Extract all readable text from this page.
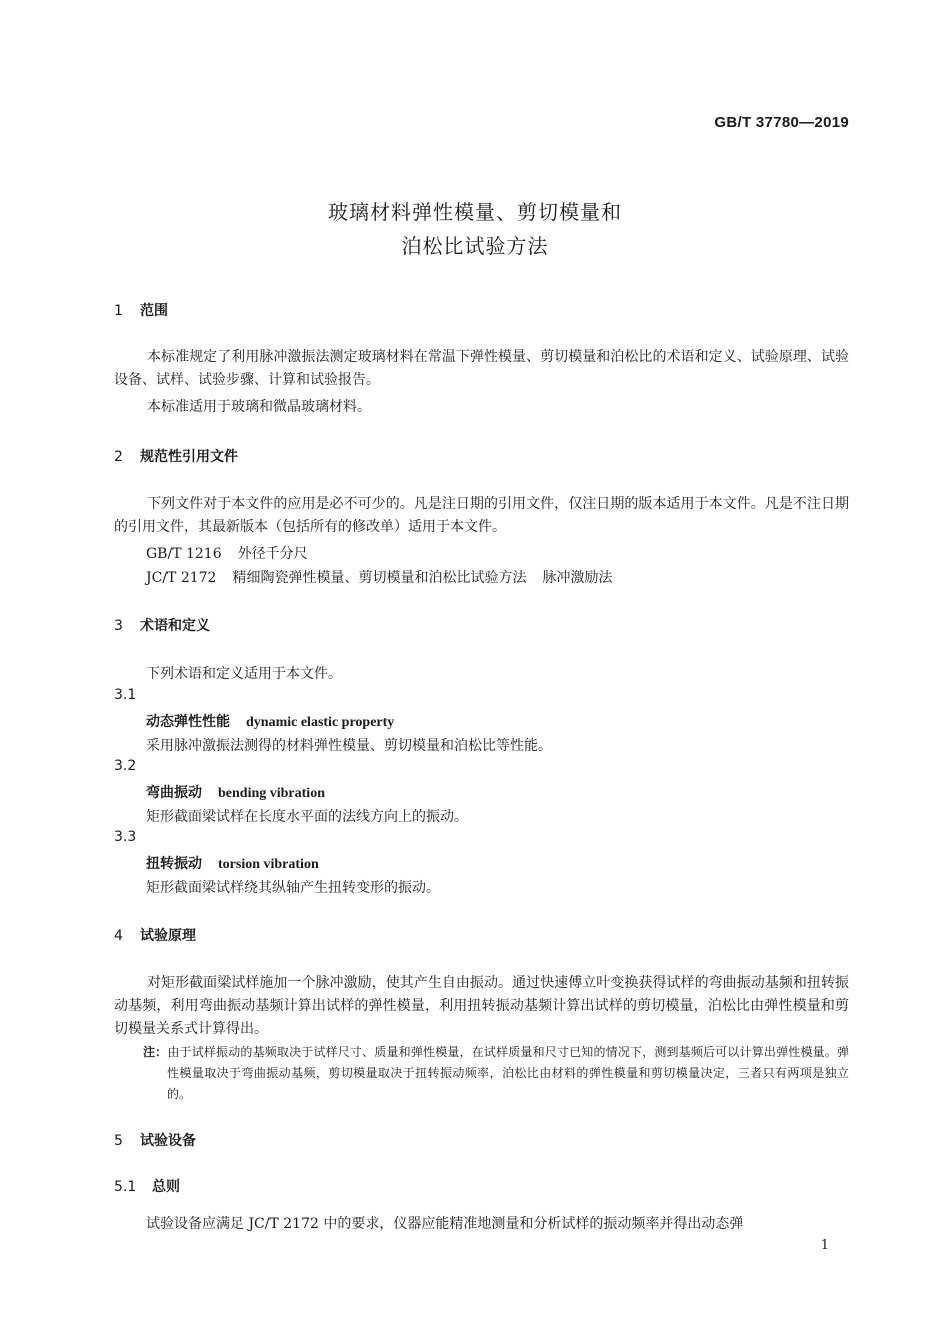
GB/T 37780—2019
玻璃材料弹性模量、剪切模量和
泊松比试验方法
1 范围
本标准规定了利用脉冲激振法测定玻璃材料在常温下弹性模量、剪切模量和泊松比的术语和定义、试验原理、试验设备、试样、试验步骤、计算和试验报告。
本标准适用于玻璃和微晶玻璃材料。
2 规范性引用文件
下列文件对于本文件的应用是必不可少的。凡是注日期的引用文件，仅注日期的版本适用于本文件。凡是不注日期的引用文件，其最新版本（包括所有的修改单）适用于本文件。
GB/T 1216 外径千分尺
JC/T 2172 精细陶瓷弹性模量、剪切模量和泊松比试验方法 脉冲激励法
3 术语和定义
下列术语和定义适用于本文件。
3.1
动态弹性性能 dynamic elastic property
采用脉冲激振法测得的材料弹性模量、剪切模量和泊松比等性能。
3.2
弯曲振动 bending vibration
矩形截面梁试样在长度水平面的法线方向上的振动。
3.3
扭转振动 torsion vibration
矩形截面梁试样绕其纵轴产生扭转变形的振动。
4 试验原理
对矩形截面梁试样施加一个脉冲激励，使其产生自由振动。通过快速傅立叶变换获得试样的弯曲振动基频和扭转振动基频，利用弯曲振动基频计算出试样的弹性模量，利用扭转振动基频计算出试样的剪切模量，泊松比由弹性模量和剪切模量关系式计算得出。
注：由于试样振动的基频取决于试样尺寸、质量和弹性模量，在试样质量和尺寸已知的情况下，测到基频后可以计算出弹性模量。弹性模量取决于弯曲振动基频，剪切模量取决于扭转振动频率，泊松比由材料的弹性模量和剪切模量决定，三者只有两项是独立的。
5 试验设备
5.1 总则
试验设备应满足 JC/T 2172 中的要求，仪器应能精准地测量和分析试样的振动频率并得出动态弹
1
